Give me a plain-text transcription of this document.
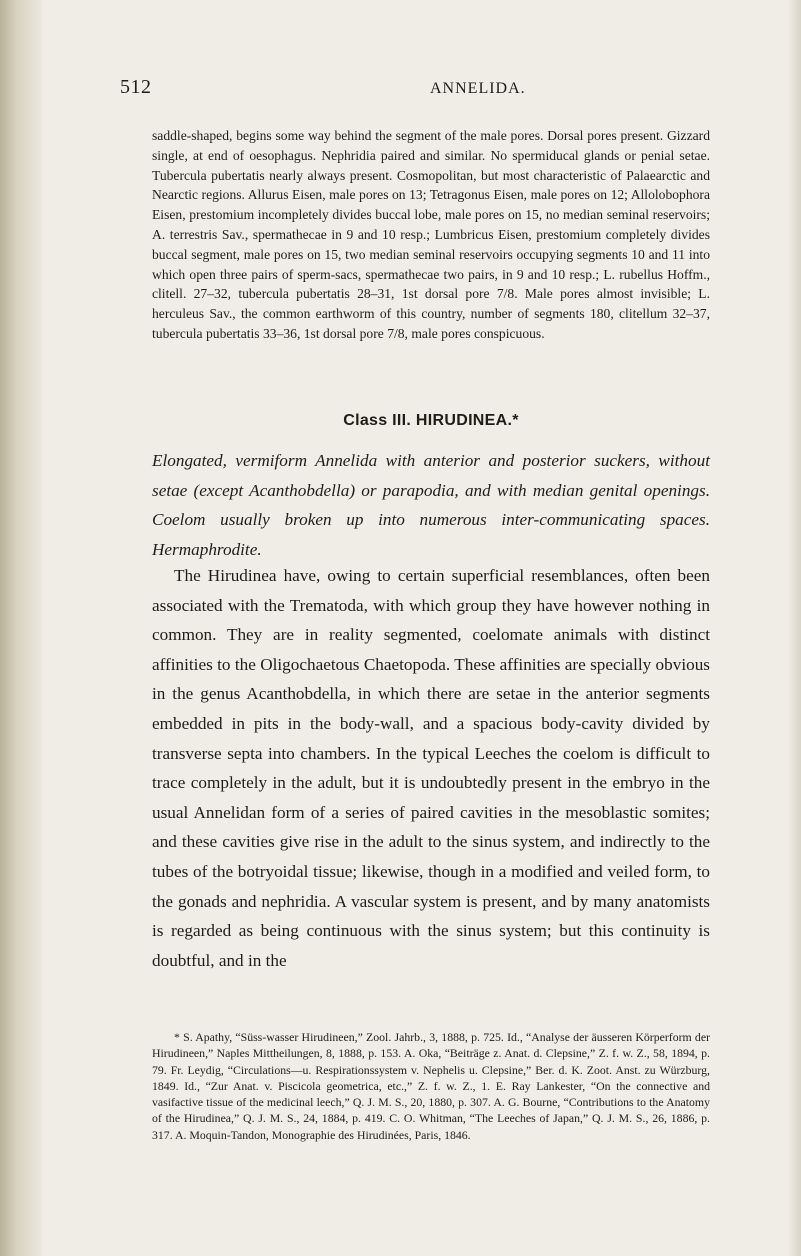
512	ANNELIDA.

saddle-shaped, begins some way behind the segment of the male pores. Dorsal pores present. Gizzard single, at end of oesophagus. Nephridia paired and similar. No spermiducal glands or penial setae. Tubercula pubertatis nearly always present. Cosmopolitan, but most characteristic of Palaearctic and Nearctic regions. Allurus Eisen, male pores on 13; Tetragonus Eisen, male pores on 12; Allolobophora Eisen, prestomium incompletely divides buccal lobe, male pores on 15, no median seminal reservoirs; A. terrestris Sav., spermathecae in 9 and 10 resp.; Lumbricus Eisen, prestomium completely divides buccal segment, male pores on 15, two median seminal reservoirs occupying segments 10 and 11 into which open three pairs of sperm-sacs, spermathecae two pairs, in 9 and 10 resp.; L. rubellus Hoffm., clitell. 27–32, tubercula pubertatis 28–31, 1st dorsal pore 7/8. Male pores almost invisible; L. herculeus Sav., the common earthworm of this country, number of segments 180, clitellum 32–37, tubercula pubertatis 33–36, 1st dorsal pore 7/8, male pores conspicuous.

Class III. HIRUDINEA.*

Elongated, vermiform Annelida with anterior and posterior suckers, without setae (except Acanthobdella) or parapodia, and with median genital openings. Coelom usually broken up into numerous inter-communicating spaces. Hermaphrodite.

The Hirudinea have, owing to certain superficial resemblances, often been associated with the Trematoda, with which group they have however nothing in common. They are in reality segmented, coelomate animals with distinct affinities to the Oligochaetous Chaetopoda. These affinities are specially obvious in the genus Acanthobdella, in which there are setae in the anterior segments embedded in pits in the body-wall, and a spacious body-cavity divided by transverse septa into chambers. In the typical Leeches the coelom is difficult to trace completely in the adult, but it is undoubtedly present in the embryo in the usual Annelidan form of a series of paired cavities in the mesoblastic somites; and these cavities give rise in the adult to the sinus system, and indirectly to the tubes of the botryoidal tissue; likewise, though in a modified and veiled form, to the gonads and nephridia. A vascular system is present, and by many anatomists is regarded as being continuous with the sinus system; but this continuity is doubtful, and in the

* S. Apathy, “Süss-wasser Hirudineen,” Zool. Jahrb., 3, 1888, p. 725. Id., “Analyse der äusseren Körperform der Hirudineen,” Naples Mittheilungen, 8, 1888, p. 153. A. Oka, “Beiträge z. Anat. d. Clepsine,” Z. f. w. Z., 58, 1894, p. 79. Fr. Leydig, “Circulations—u. Respirationssystem v. Nephelis u. Clepsine,” Ber. d. K. Zoot. Anst. zu Würzburg, 1849. Id., “Zur Anat. v. Piscicola geometrica, etc.,” Z. f. w. Z., 1. E. Ray Lankester, “On the connective and vasifactive tissue of the medicinal leech,” Q. J. M. S., 20, 1880, p. 307. A. G. Bourne, “Contributions to the Anatomy of the Hirudinea,” Q. J. M. S., 24, 1884, p. 419. C. O. Whitman, “The Leeches of Japan,” Q. J. M. S., 26, 1886, p. 317. A. Moquin-Tandon, Monographie des Hirudinées, Paris, 1846.
